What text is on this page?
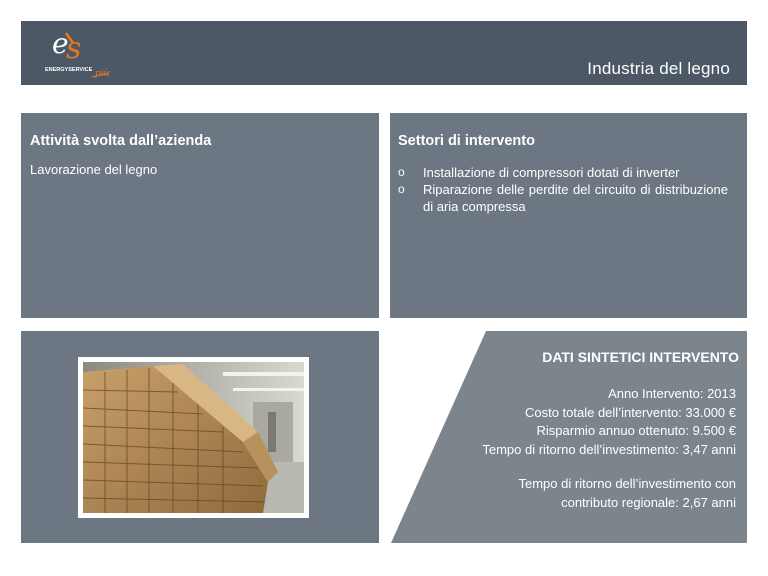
e
s
ENERGYSERVICE più	Industria del legno
Attività svolta dall’azienda
Lavorazione del legno
Settori di intervento
o Installazione di compressori dotati di inverter
o Riparazione delle perdite del circuito di distribuzione di aria compressa
DATI SINTETICI INTERVENTO
Anno Intervento: 2013
Costo totale dell’intervento: 33.000 €
Risparmio annuo ottenuto: 9.500 €
Tempo di ritorno dell’investimento: 3,47 anni
Tempo di ritorno dell’investimento con
contributo regionale: 2,67 anni
